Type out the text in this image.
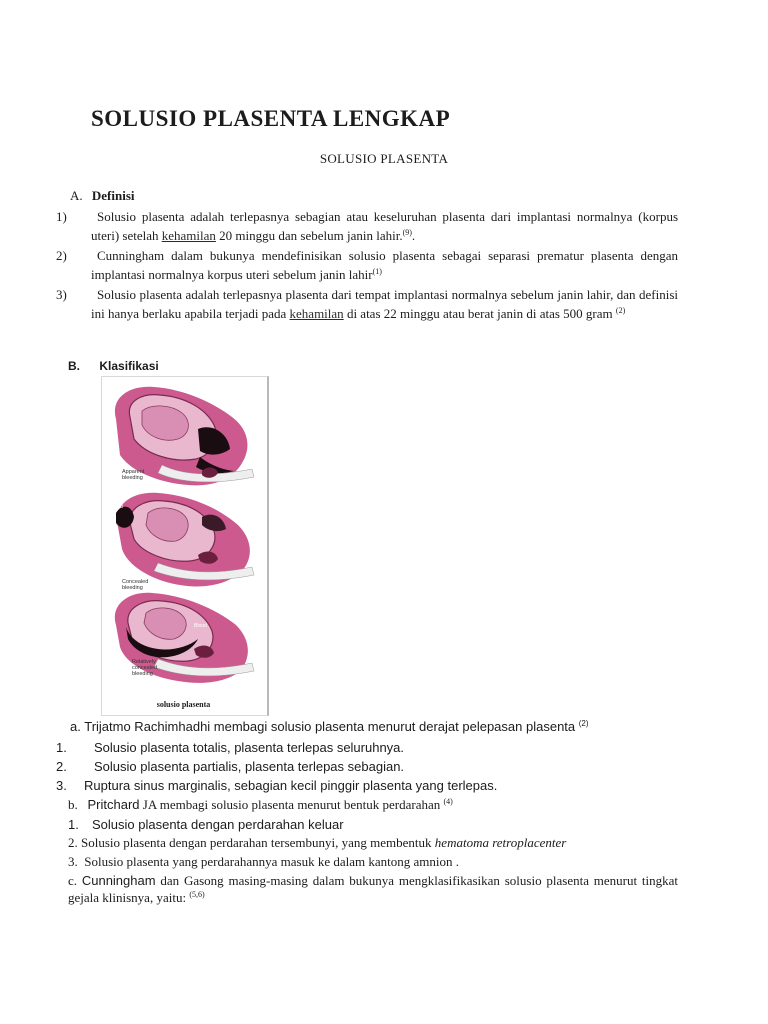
SOLUSIO PLASENTA LENGKAP
SOLUSIO PLASENTA
A. Definisi
1)	Solusio plasenta adalah terlepasnya sebagian atau keseluruhan plasenta dari implantasi normalnya (korpus uteri) setelah kehamilan 20 minggu dan sebelum janin lahir.$^{(9)}$.
2)	Cunningham dalam bukunya mendefinisikan solusio plasenta sebagai separasi prematur plasenta dengan implantasi normalnya korpus uteri sebelum janin lahir$^{(1)}$
3)	Solusio plasenta adalah terlepasnya plasenta dari tempat implantasi normalnya sebelum janin lahir, dan definisi ini hanya berlaku apabila terjadi pada kehamilan di atas 22 minggu atau berat janin di atas 500 gram $^{(2)}$
B. Klasifikasi
Apparent
bleeding
Blood
Concealed
bleeding
Blood
Relatively
concealed
bleeding
solusio plasenta
a. Trijatmo Rachimhadhi membagi solusio plasenta menurut derajat pelepasan plasenta $^{(2)}$
1. Solusio plasenta totalis, plasenta terlepas seluruhnya.
2. Solusio plasenta partialis, plasenta terlepas sebagian.
3. Ruptura sinus marginalis, sebagian kecil pinggir plasenta yang terlepas.
b. Pritchard JA membagi solusio plasenta menurut bentuk perdarahan $^{(4)}$
1. Solusio plasenta dengan perdarahan keluar
2. Solusio plasenta dengan perdarahan tersembunyi, yang membentuk hematoma retroplacenter
3. Solusio plasenta yang perdarahannya masuk ke dalam kantong amnion .
c. Cunningham dan Gasong masing-masing dalam bukunya mengklasifikasikan solusio plasenta menurut tingkat gejala klinisnya, yaitu: $^{(5,6)}$
